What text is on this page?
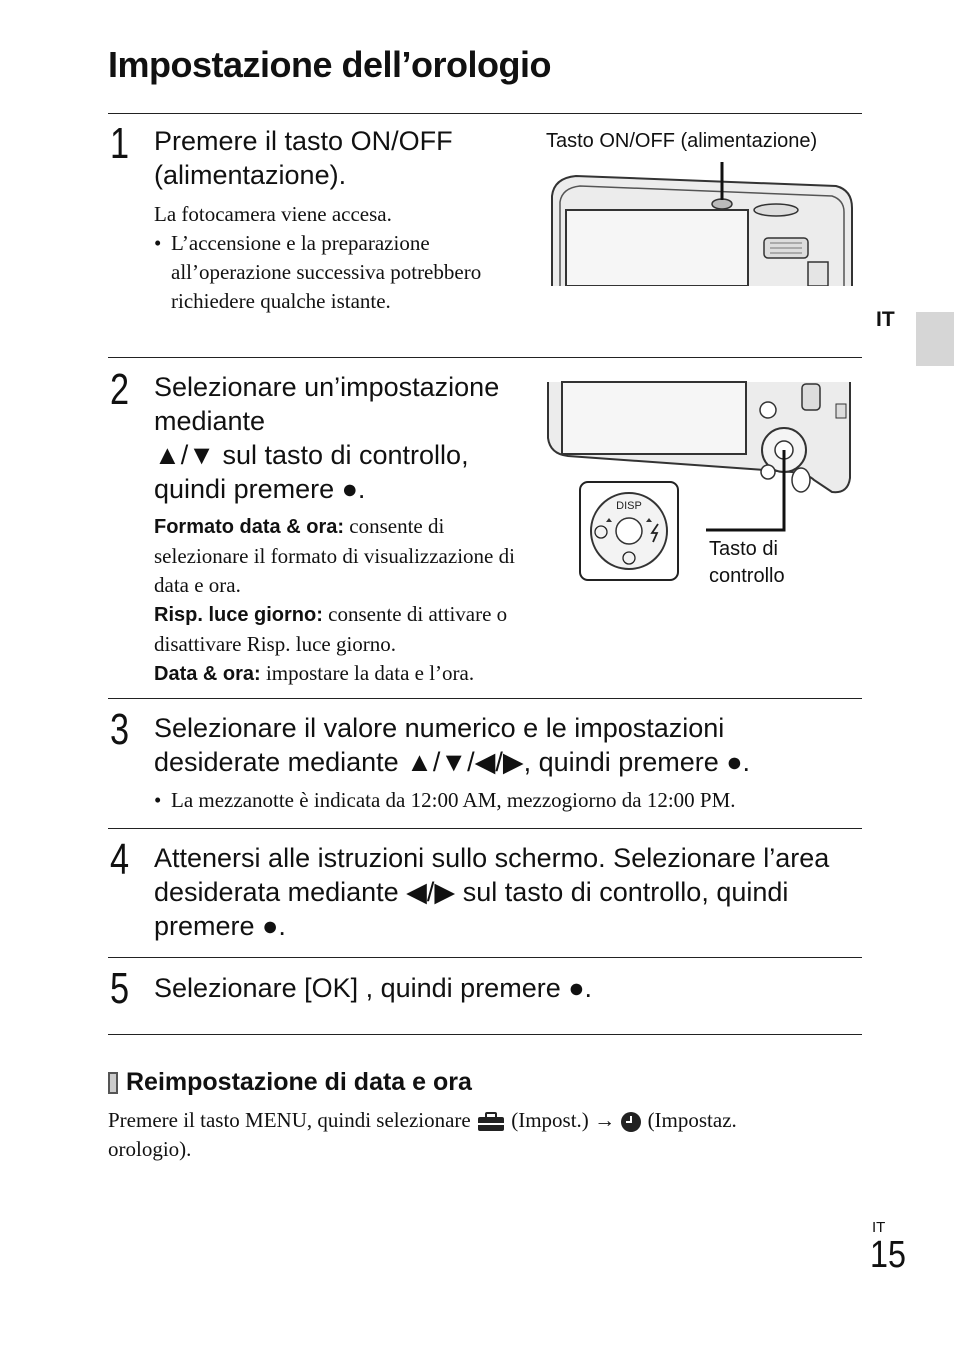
Impostazione dell’orologio
1 Premere il tasto ON/OFF (alimentazione).
La fotocamera viene accesa.
• L’accensione e la preparazione all’operazione successiva potrebbero richiedere qualche istante.
Tasto ON/OFF (alimentazione)
IT
2 Selezionare un’impostazione mediante
▲/▼ sul tasto di controllo, quindi premere ●.
Formato data & ora: consente di selezionare il formato di visualizzazione di data e ora.
Risp. luce giorno: consente di attivare o disattivare Risp. luce giorno.
Data & ora: impostare la data e l’ora.
DISP
Tasto di
controllo
3 Selezionare il valore numerico e le impostazioni desiderate mediante ▲/▼/◀/▶, quindi premere ●.
• La mezzanotte è indicata da 12:00 AM, mezzogiorno da 12:00 PM.
4 Attenersi alle istruzioni sullo schermo. Selezionare l’area desiderata mediante ◀/▶ sul tasto di controllo, quindi premere ●.
5 Selezionare [OK] , quindi premere ●.
Reimpostazione di data e ora
Premere il tasto MENU, quindi selezionare (Impost.) → (Impostaz.
orologio).
IT
15
